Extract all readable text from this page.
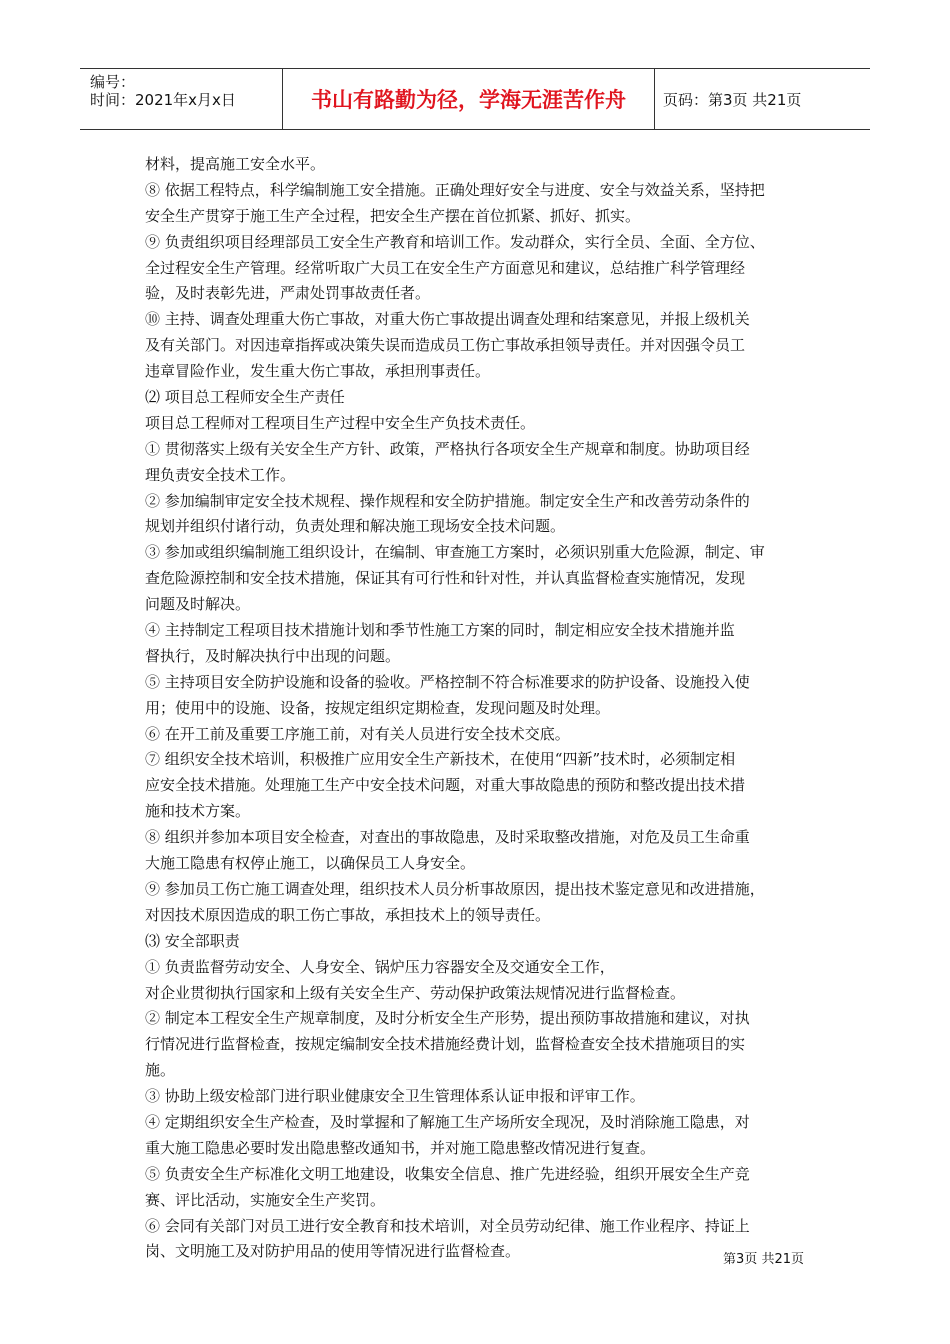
编号：
时间：2021年x月x日	书山有路勤为径，学海无涯苦作舟	页码：第3页 共21页
材料，提高施工安全水平。
⑧ 依据工程特点，科学编制施工安全措施。正确处理好安全与进度、安全与效益关系，坚持把
安全生产贯穿于施工生产全过程，把安全生产摆在首位抓紧、抓好、抓实。
⑨ 负责组织项目经理部员工安全生产教育和培训工作。发动群众，实行全员、全面、全方位、
全过程安全生产管理。经常听取广大员工在安全生产方面意见和建议，总结推广科学管理经
验，及时表彰先进，严肃处罚事故责任者。
⑩ 主持、调查处理重大伤亡事故，对重大伤亡事故提出调查处理和结案意见，并报上级机关
及有关部门。对因违章指挥或决策失误而造成员工伤亡事故承担领导责任。并对因强令员工
违章冒险作业，发生重大伤亡事故，承担刑事责任。
⑵ 项目总工程师安全生产责任
项目总工程师对工程项目生产过程中安全生产负技术责任。
① 贯彻落实上级有关安全生产方针、政策，严格执行各项安全生产规章和制度。协助项目经
理负责安全技术工作。
② 参加编制审定安全技术规程、操作规程和安全防护措施。制定安全生产和改善劳动条件的
规划并组织付诸行动，负责处理和解决施工现场安全技术问题。
③ 参加或组织编制施工组织设计，在编制、审查施工方案时，必须识别重大危险源，制定、审
查危险源控制和安全技术措施，保证其有可行性和针对性，并认真监督检查实施情况，发现
问题及时解决。
④ 主持制定工程项目技术措施计划和季节性施工方案的同时，制定相应安全技术措施并监
督执行，及时解决执行中出现的问题。
⑤ 主持项目安全防护设施和设备的验收。严格控制不符合标准要求的防护设备、设施投入使
用；使用中的设施、设备，按规定组织定期检查，发现问题及时处理。
⑥ 在开工前及重要工序施工前，对有关人员进行安全技术交底。
⑦ 组织安全技术培训，积极推广应用安全生产新技术，在使用“四新”技术时，必须制定相
应安全技术措施。处理施工生产中安全技术问题，对重大事故隐患的预防和整改提出技术措
施和技术方案。
⑧ 组织并参加本项目安全检查，对查出的事故隐患，及时采取整改措施，对危及员工生命重
大施工隐患有权停止施工，以确保员工人身安全。
⑨ 参加员工伤亡施工调查处理，组织技术人员分析事故原因，提出技术鉴定意见和改进措施，
对因技术原因造成的职工伤亡事故，承担技术上的领导责任。
⑶ 安全部职责
① 负责监督劳动安全、人身安全、锅炉压力容器安全及交通安全工作，
对企业贯彻执行国家和上级有关安全生产、劳动保护政策法规情况进行监督检查。
② 制定本工程安全生产规章制度，及时分析安全生产形势，提出预防事故措施和建议，对执
行情况进行监督检查，按规定编制安全技术措施经费计划，监督检查安全技术措施项目的实
施。
③ 协助上级安检部门进行职业健康安全卫生管理体系认证申报和评审工作。
④ 定期组织安全生产检查，及时掌握和了解施工生产场所安全现况，及时消除施工隐患，对
重大施工隐患必要时发出隐患整改通知书，并对施工隐患整改情况进行复查。
⑤ 负责安全生产标准化文明工地建设，收集安全信息、推广先进经验，组织开展安全生产竞
赛、评比活动，实施安全生产奖罚。
⑥ 会同有关部门对员工进行安全教育和技术培训，对全员劳动纪律、施工作业程序、持证上
岗、文明施工及对防护用品的使用等情况进行监督检查。	第3页 共21页
